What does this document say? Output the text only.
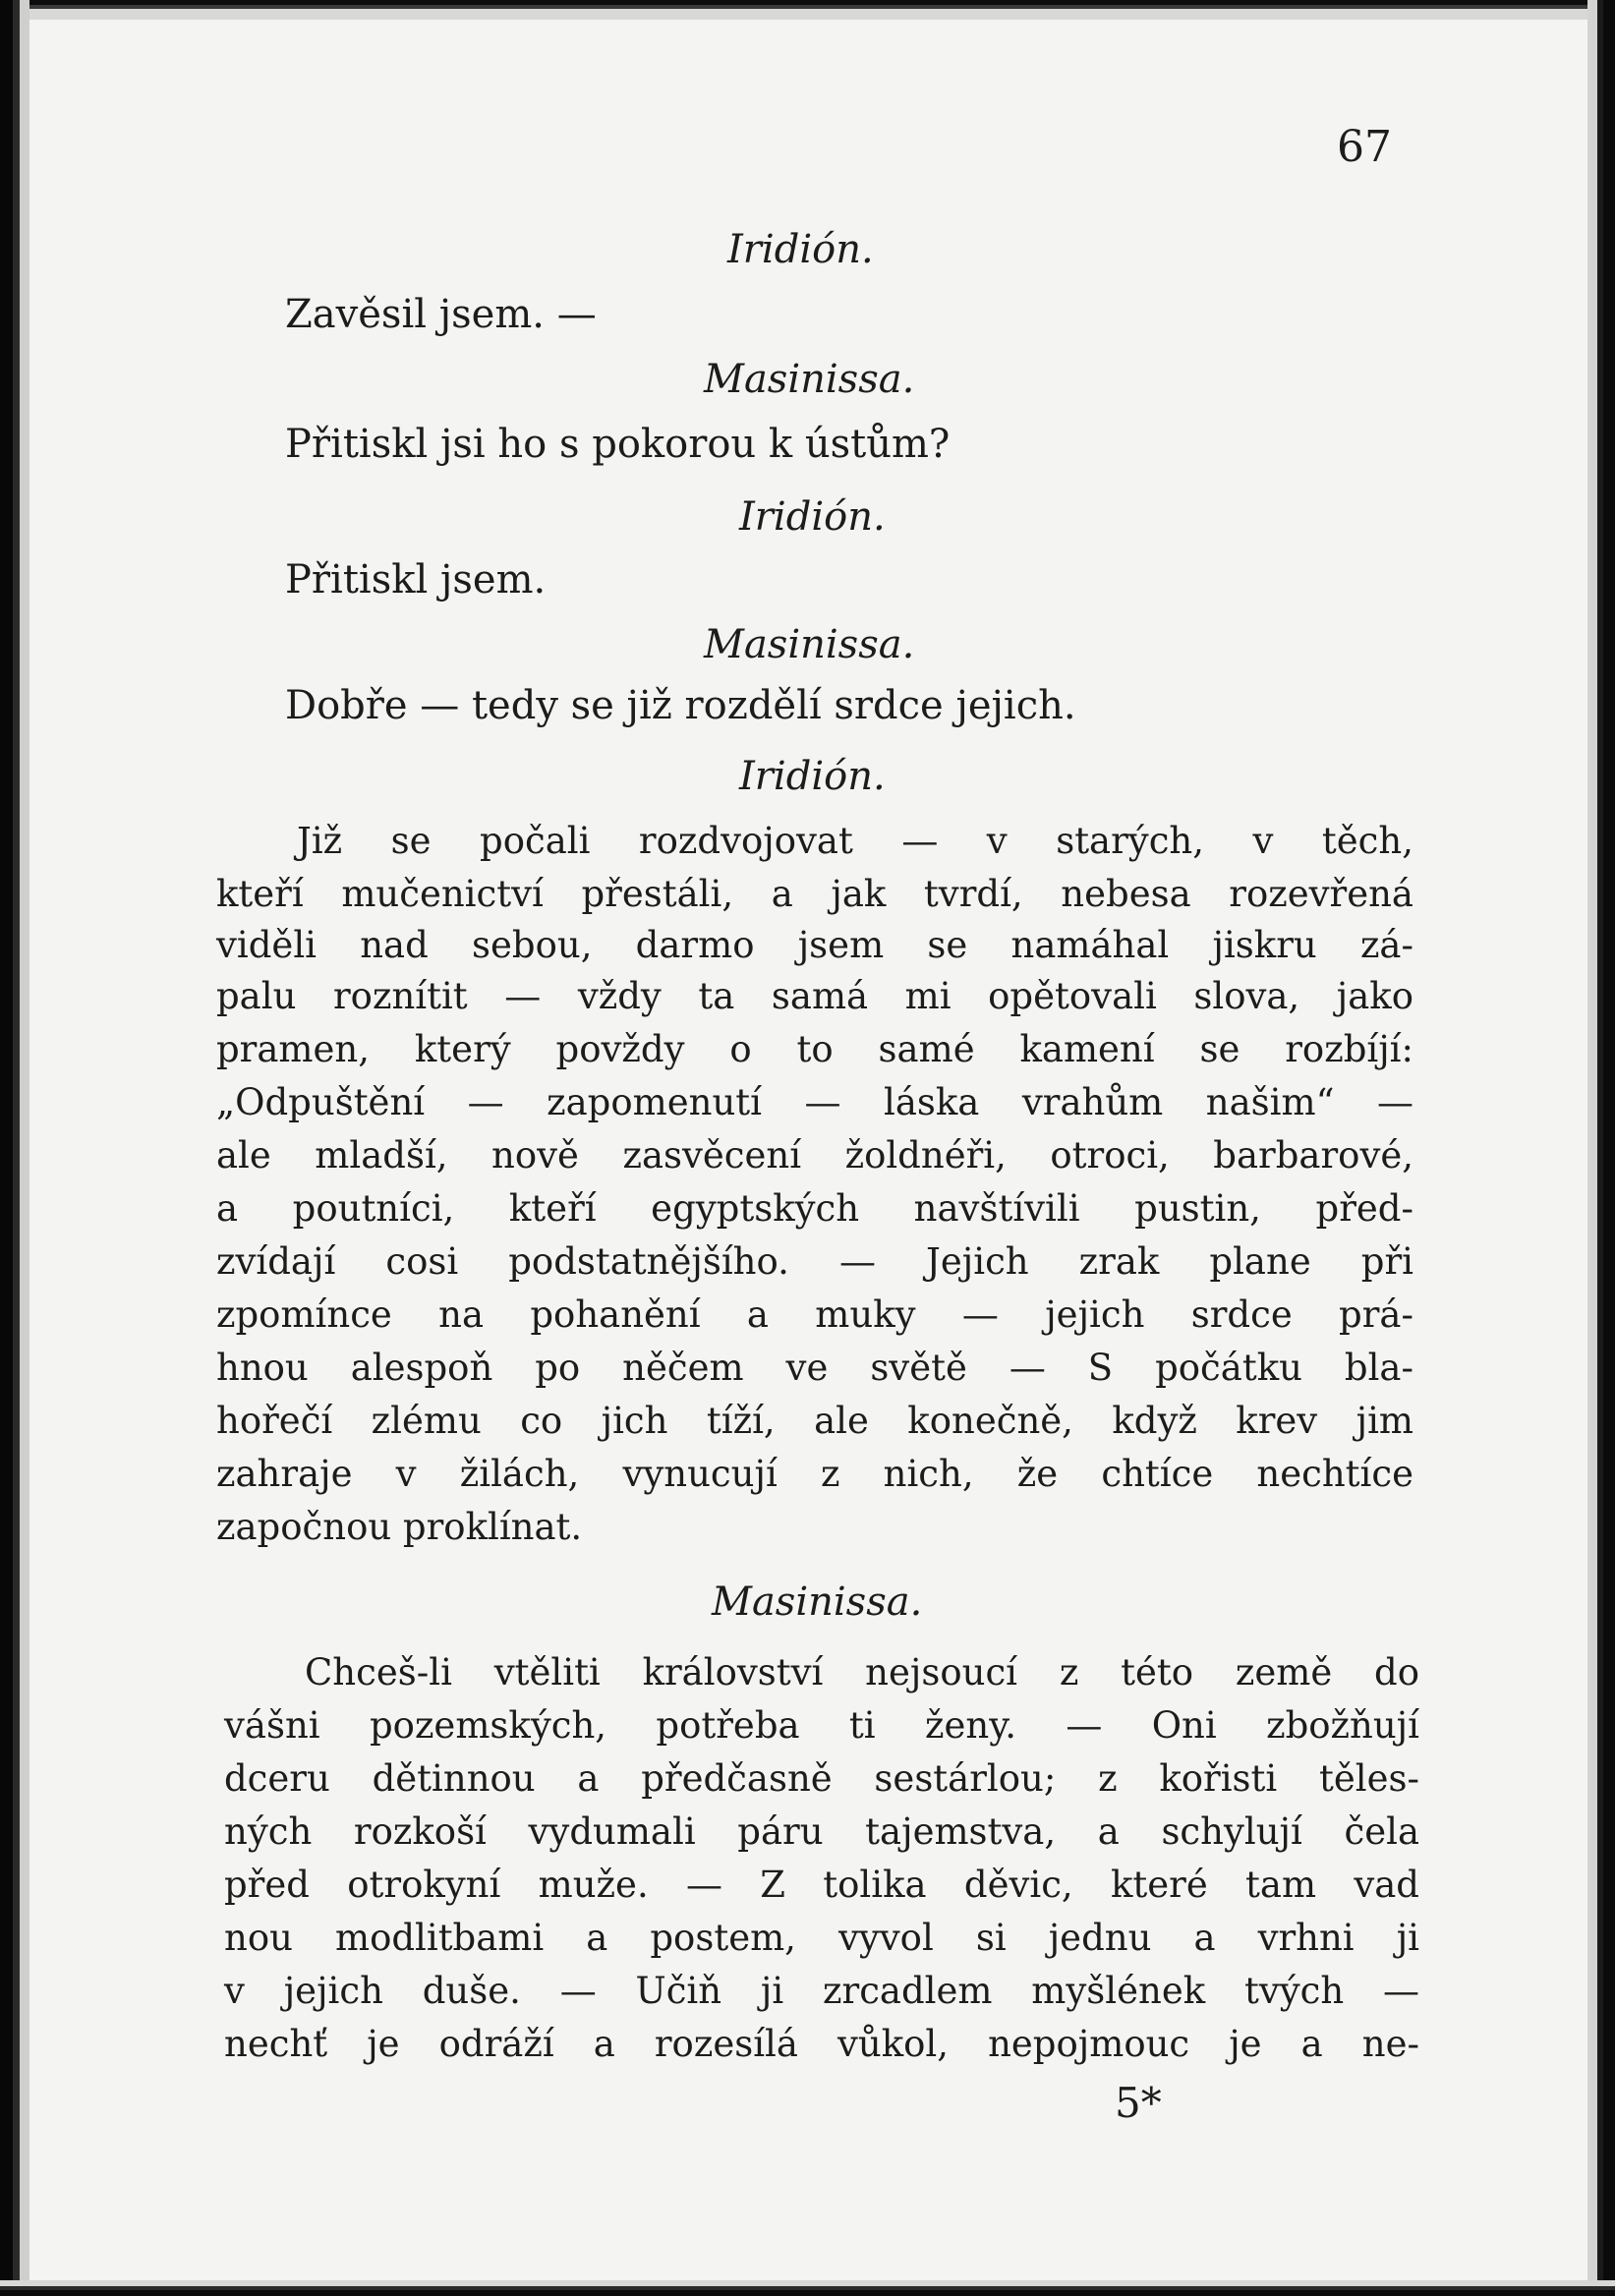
67
Iridión.
Zavěsil jsem. —
Masinissa.
Přitiskl jsi ho s pokorou k ústům?
Iridión.
Přitiskl jsem.
Masinissa.
Dobře — tedy se již rozdělí srdce jejich.
Iridión.
Již se počali rozdvojovat — v starých, v těch,
kteří mučenictví přestáli, a jak tvrdí, nebesa rozevřená
viděli nad sebou, darmo jsem se namáhal jiskru zá-
palu roznítit — vždy ta samá mi opětovali slova, jako
pramen, který povždy o to samé kamení se rozbíjí:
„Odpuštění — zapomenutí — láska vrahům našim“ —
ale mladší, nově zasvěcení žoldnéři, otroci, barbarové,
a poutníci, kteří egyptských navštívili pustin, před-
zvídají cosi podstatnějšího. — Jejich zrak plane při
zpomínce na pohanění a muky — jejich srdce prá-
hnou alespoň po něčem ve světě — S počátku bla-
hořečí zlému co jich tíží, ale konečně, když krev jim
zahraje v žilách, vynucují z nich, že chtíce nechtíce
započnou proklínat.
Masinissa.
Chceš-li vtěliti království nejsoucí z této země do
vášni pozemských, potřeba ti ženy. — Oni zbožňují
dceru dětinnou a předčasně sestárlou; z kořisti těles-
ných rozkoší vydumali páru tajemstva, a schylují čela
před otrokyní muže. — Z tolika děvic, které tam vad
nou modlitbami a postem, vyvol si jednu a vrhni ji
v jejich duše. — Učiň ji zrcadlem myšlének tvých —
nechť je odráží a rozesílá vůkol, nepojmouc je a ne-
5*
